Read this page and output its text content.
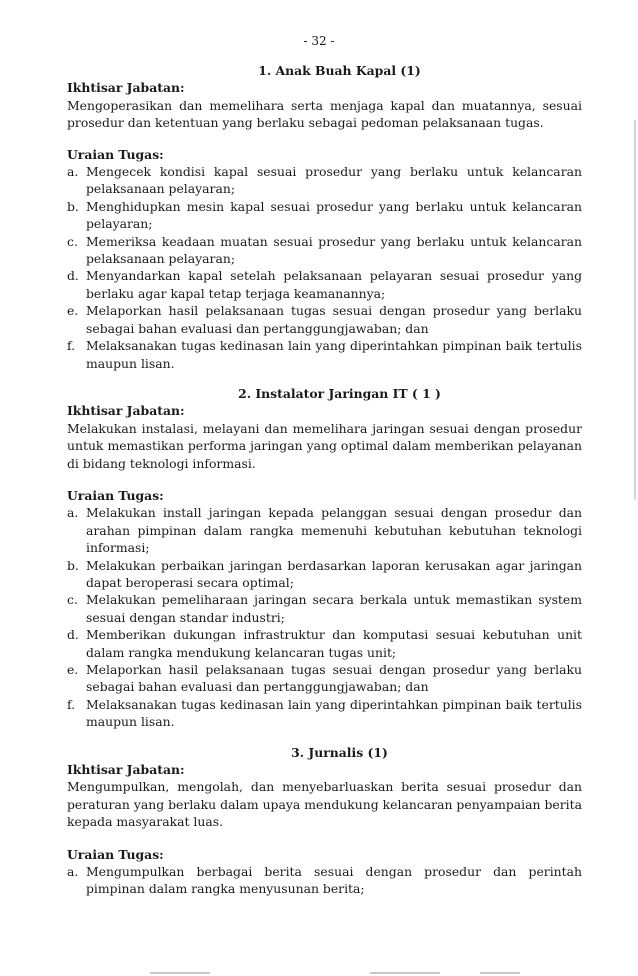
- 32 -

1. Anak Buah Kapal (1)

Ikhtisar Jabatan:

Mengoperasikan dan memelihara serta menjaga kapal dan muatannya, sesuai prosedur dan ketentuan yang berlaku sebagai pedoman pelaksanaan tugas.

Uraian Tugas:

a. Mengecek kondisi kapal sesuai prosedur yang berlaku untuk kelancaran pelaksanaan pelayaran;
b. Menghidupkan mesin kapal sesuai prosedur yang berlaku untuk kelancaran pelayaran;
c. Memeriksa keadaan muatan sesuai prosedur yang berlaku untuk kelancaran pelaksanaan pelayaran;
d. Menyandarkan kapal setelah pelaksanaan pelayaran sesuai prosedur yang berlaku agar kapal tetap terjaga keamanannya;
e. Melaporkan hasil pelaksanaan tugas sesuai dengan prosedur yang berlaku sebagai bahan evaluasi dan pertanggungjawaban; dan
f. Melaksanakan tugas kedinasan lain yang diperintahkan pimpinan baik tertulis maupun lisan.

2. Instalator Jaringan IT ( 1 )

Ikhtisar Jabatan:

Melakukan instalasi, melayani dan memelihara jaringan sesuai dengan prosedur untuk memastikan performa jaringan yang optimal dalam memberikan pelayanan di bidang teknologi informasi.

Uraian Tugas:

a. Melakukan install jaringan kepada pelanggan sesuai dengan prosedur dan arahan pimpinan dalam rangka memenuhi kebutuhan kebutuhan teknologi informasi;
b. Melakukan perbaikan jaringan berdasarkan laporan kerusakan agar jaringan dapat beroperasi secara optimal;
c. Melakukan pemeliharaan jaringan secara berkala untuk memastikan system sesuai dengan standar industri;
d. Memberikan dukungan infrastruktur dan komputasi sesuai kebutuhan unit dalam rangka mendukung kelancaran tugas unit;
e. Melaporkan hasil pelaksanaan tugas sesuai dengan prosedur yang berlaku sebagai bahan evaluasi dan pertanggungjawaban; dan
f. Melaksanakan tugas kedinasan lain yang diperintahkan pimpinan baik tertulis maupun lisan.

3. Jurnalis (1)

Ikhtisar Jabatan:

Mengumpulkan, mengolah, dan menyebarluaskan berita sesuai prosedur dan peraturan yang berlaku dalam upaya mendukung kelancaran penyampaian berita kepada masyarakat luas.

Uraian Tugas:

a. Mengumpulkan berbagai berita sesuai dengan prosedur dan perintah pimpinan dalam rangka menyusunan berita;
